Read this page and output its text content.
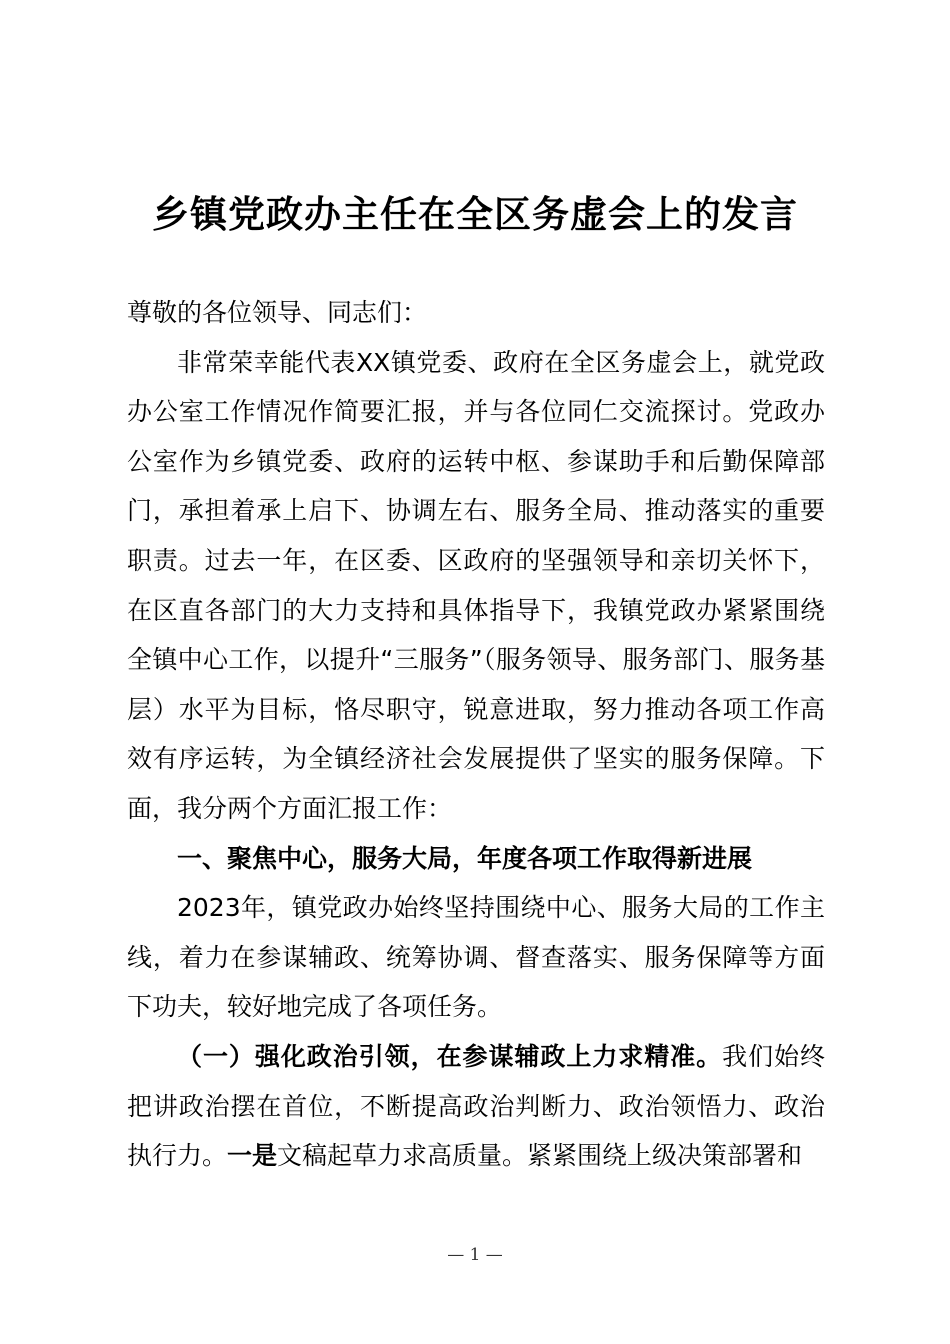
乡镇党政办主任在全区务虚会上的发言

尊敬的各位领导、同志们：

非常荣幸能代表XX镇党委、政府在全区务虚会上，就党政办公室工作情况作简要汇报，并与各位同仁交流探讨。党政办公室作为乡镇党委、政府的运转中枢、参谋助手和后勤保障部门，承担着承上启下、协调左右、服务全局、推动落实的重要职责。过去一年，在区委、区政府的坚强领导和亲切关怀下，在区直各部门的大力支持和具体指导下，我镇党政办紧紧围绕全镇中心工作，以提升“三服务”（服务领导、服务部门、服务基层）水平为目标，恪尽职守，锐意进取，努力推动各项工作高效有序运转，为全镇经济社会发展提供了坚实的服务保障。下面，我分两个方面汇报工作：

一、聚焦中心，服务大局，年度各项工作取得新进展

2023年，镇党政办始终坚持围绕中心、服务大局的工作主线，着力在参谋辅政、统筹协调、督查落实、服务保障等方面下功夫，较好地完成了各项任务。

（一）强化政治引领，在参谋辅政上力求精准。我们始终把讲政治摆在首位，不断提高政治判断力、政治领悟力、政治执行力。一是文稿起草力求高质量。紧紧围绕上级决策部署和

— 1 —
